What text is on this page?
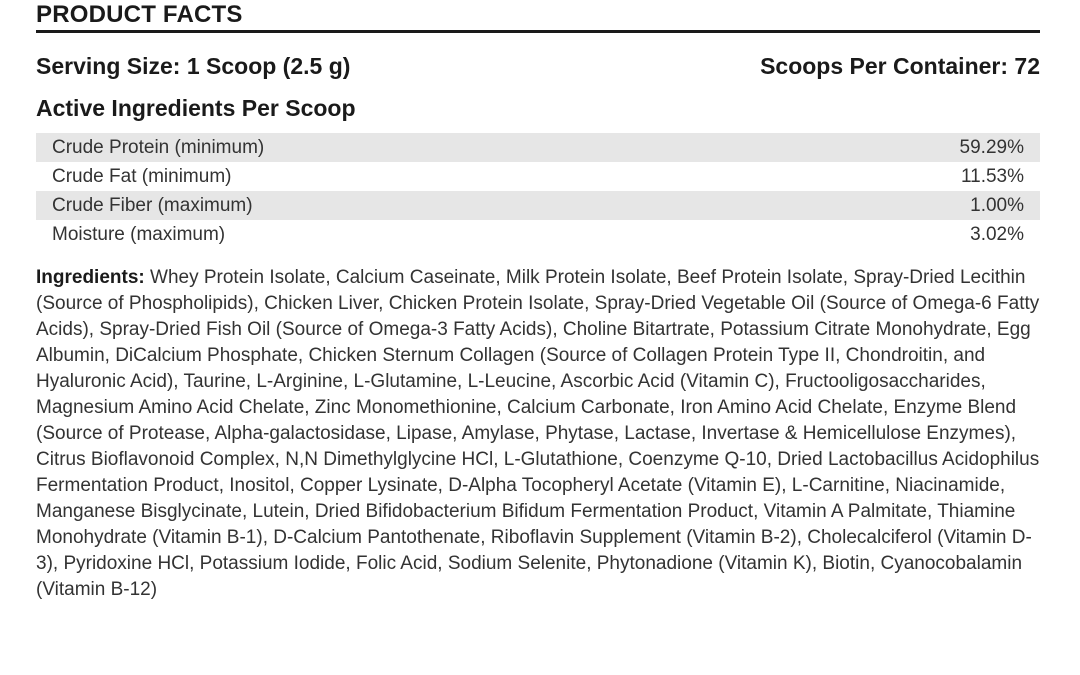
PRODUCT FACTS
Serving Size: 1 Scoop (2.5 g)	Scoops Per Container: 72
Active Ingredients Per Scoop
Crude Protein (minimum)	59.29%
Crude Fat (minimum)	11.53%
Crude Fiber (maximum)	1.00%
Moisture (maximum)	3.02%
Ingredients: Whey Protein Isolate, Calcium Caseinate, Milk Protein Isolate, Beef Protein Isolate, Spray-Dried Lecithin (Source of Phospholipids), Chicken Liver, Chicken Protein Isolate, Spray-Dried Vegetable Oil (Source of Omega-6 Fatty Acids), Spray-Dried Fish Oil (Source of Omega-3 Fatty Acids), Choline Bitartrate, Potassium Citrate Monohydrate, Egg Albumin, DiCalcium Phosphate, Chicken Sternum Collagen (Source of Collagen Protein Type II, Chondroitin, and Hyaluronic Acid), Taurine, L-Arginine, L-Glutamine, L-Leucine, Ascorbic Acid (Vitamin C), Fructooligosaccharides, Magnesium Amino Acid Chelate, Zinc Monomethionine, Calcium Carbonate, Iron Amino Acid Chelate, Enzyme Blend (Source of Protease, Alpha-galactosidase, Lipase, Amylase, Phytase, Lactase, Invertase & Hemicellulose Enzymes), Citrus Bioflavonoid Complex, N,N Dimethylglycine HCl, L-Glutathione, Coenzyme Q-10, Dried Lactobacillus Acidophilus Fermentation Product, Inositol, Copper Lysinate, D-Alpha Tocopheryl Acetate (Vitamin E), L-Carnitine, Niacinamide, Manganese Bisglycinate, Lutein, Dried Bifidobacterium Bifidum Fermentation Product, Vitamin A Palmitate, Thiamine Monohydrate (Vitamin B-1), D-Calcium Pantothenate, Riboflavin Supplement (Vitamin B-2), Cholecalciferol (Vitamin D-3), Pyridoxine HCl, Potassium Iodide, Folic Acid, Sodium Selenite, Phytonadione (Vitamin K), Biotin, Cyanocobalamin (Vitamin B-12)
